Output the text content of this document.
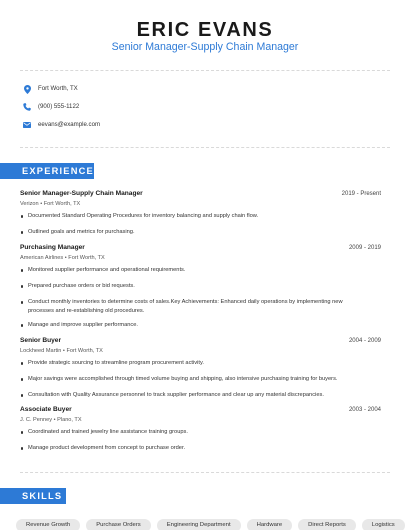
ERIC EVANS
Senior Manager-Supply Chain Manager
Fort Worth, TX
(900) 555-1122
eevans@example.com
EXPERIENCE
Senior Manager-Supply Chain Manager	2019 - Present
Verizon • Fort Worth, TX
Documented Standard Operating Procedures for inventory balancing and supply chain flow.
Outlined goals and metrics for purchasing.
Purchasing Manager	2009 - 2019
American Airlines • Fort Worth, TX
Monitored supplier performance and operational requirements.
Prepared purchase orders or bid requests.
Conduct monthly inventories to determine costs of sales.Key Achievements: Enhanced daily operations by implementing new processes and re-establishing old procedures.
Manage and improve supplier performance.
Senior Buyer	2004 - 2009
Lockheed Martin • Fort Worth, TX
Provide strategic sourcing to streamline program procurement activity.
Major savings were accomplished through timed volume buying and shipping, also intensive purchasing training for buyers.
Consultation with Quality Assurance personnel to track supplier performance and clear up any material discrepancies.
Associate Buyer	2003 - 2004
J. C. Penney • Plano, TX
Coordinated and trained jewelry line assistance training groups.
Manage product development from concept to purchase order.
SKILLS
Revenue Growth	Purchase Orders	Engineering Department	Hardware	Direct Reports	Logistics
